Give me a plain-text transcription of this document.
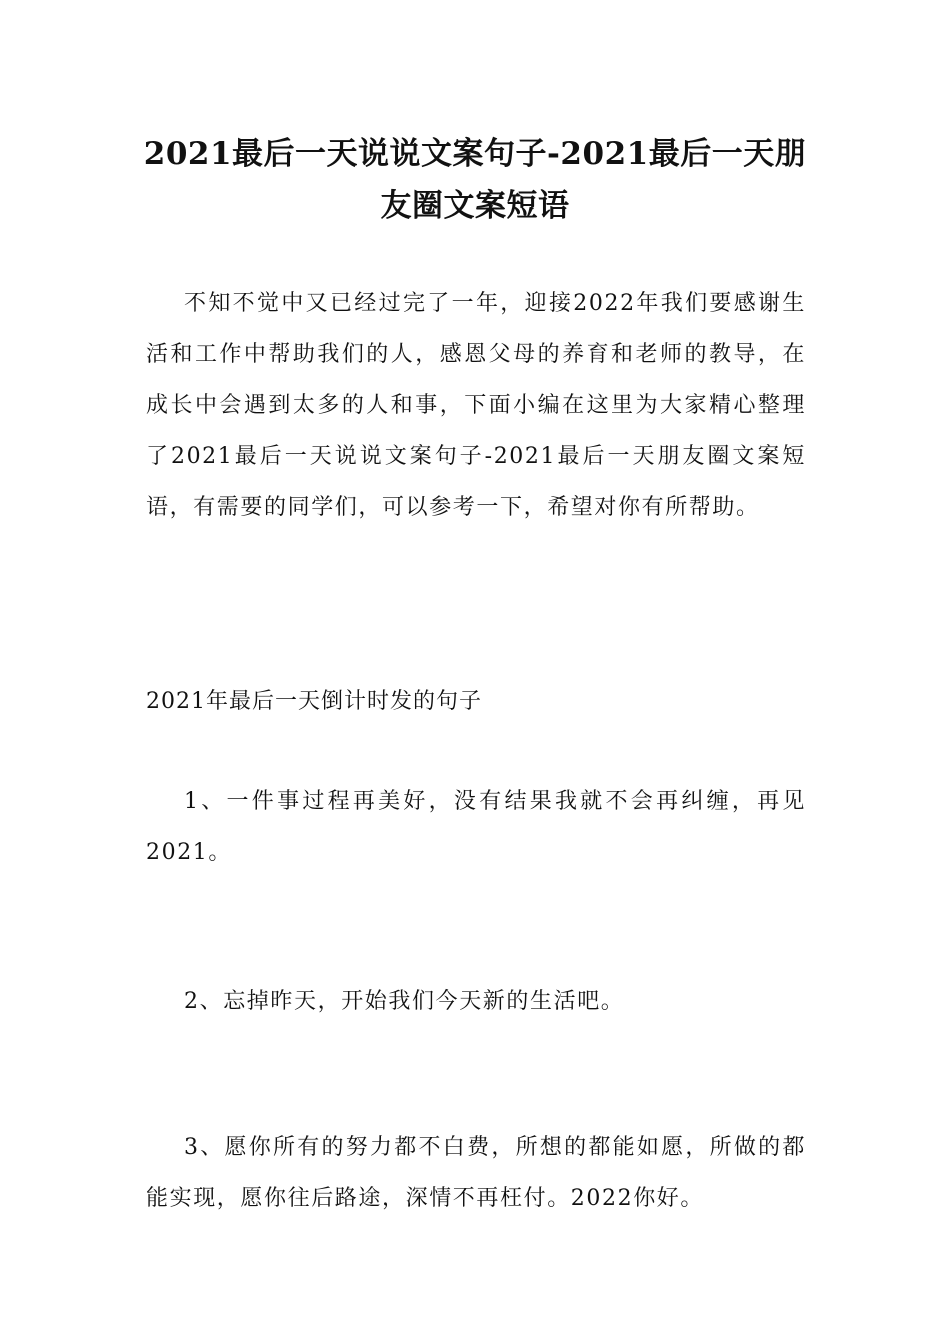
2021最后一天说说文案句子-2021最后一天朋友圈文案短语

不知不觉中又已经过完了一年，迎接2022年我们要感谢生活和工作中帮助我们的人，感恩父母的养育和老师的教导，在成长中会遇到太多的人和事，下面小编在这里为大家精心整理了2021最后一天说说文案句子-2021最后一天朋友圈文案短语，有需要的同学们，可以参考一下，希望对你有所帮助。

2021年最后一天倒计时发的句子

1、一件事过程再美好，没有结果我就不会再纠缠，再见2021。

2、忘掉昨天，开始我们今天新的生活吧。

3、愿你所有的努力都不白费，所想的都能如愿，所做的都能实现，愿你往后路途，深情不再枉付。2022你好。
